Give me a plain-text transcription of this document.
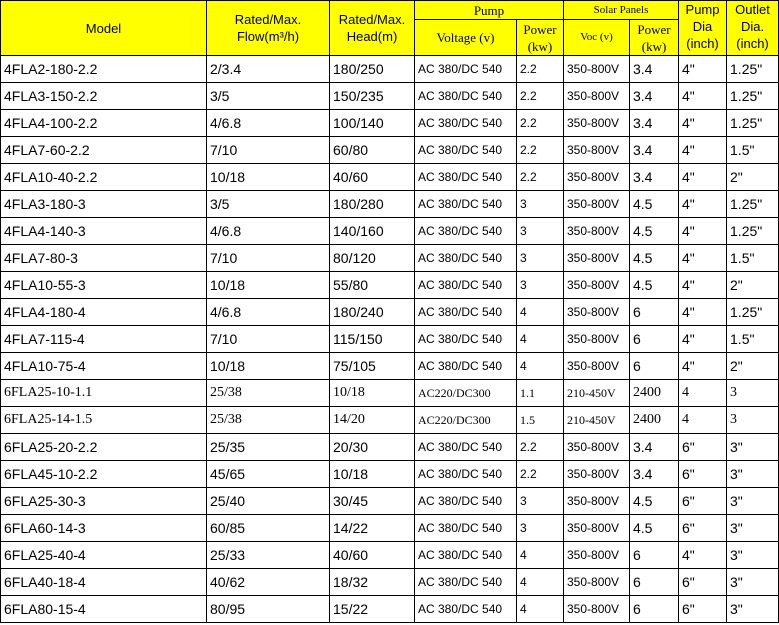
Model	Rated/Max. Flow(m³/h)	Rated/Max. Head(m)	Pump		Solar Panels		Pump Dia (inch)	Outlet Dia. (inch)
			Voltage (v)	Power (kw)	Voc (v)	Power (kw)		
4FLA2-180-2.2	2/3.4	180/250	AC 380/DC 540	2.2	350-800V	3.4	4"	1.25"
4FLA3-150-2.2	3/5	150/235	AC 380/DC 540	2.2	350-800V	3.4	4"	1.25"
4FLA4-100-2.2	4/6.8	100/140	AC 380/DC 540	2.2	350-800V	3.4	4"	1.25"
4FLA7-60-2.2	7/10	60/80	AC 380/DC 540	2.2	350-800V	3.4	4"	1.5"
4FLA10-40-2.2	10/18	40/60	AC 380/DC 540	2.2	350-800V	3.4	4"	2"
4FLA3-180-3	3/5	180/280	AC 380/DC 540	3	350-800V	4.5	4"	1.25"
4FLA4-140-3	4/6.8	140/160	AC 380/DC 540	3	350-800V	4.5	4"	1.25"
4FLA7-80-3	7/10	80/120	AC 380/DC 540	3	350-800V	4.5	4"	1.5"
4FLA10-55-3	10/18	55/80	AC 380/DC 540	3	350-800V	4.5	4"	2"
4FLA4-180-4	4/6.8	180/240	AC 380/DC 540	4	350-800V	6	4"	1.25"
4FLA7-115-4	7/10	115/150	AC 380/DC 540	4	350-800V	6	4"	1.5"
4FLA10-75-4	10/18	75/105	AC 380/DC 540	4	350-800V	6	4"	2"
6FLA25-10-1.1	25/38	10/18	AC220/DC300	1.1	210-450V	2400	4	3
6FLA25-14-1.5	25/38	14/20	AC220/DC300	1.5	210-450V	2400	4	3
6FLA25-20-2.2	25/35	20/30	AC 380/DC 540	2.2	350-800V	3.4	6"	3"
6FLA45-10-2.2	45/65	10/18	AC 380/DC 540	2.2	350-800V	3.4	6"	3"
6FLA25-30-3	25/40	30/45	AC 380/DC 540	3	350-800V	4.5	6"	3"
6FLA60-14-3	60/85	14/22	AC 380/DC 540	3	350-800V	4.5	6"	3"
6FLA25-40-4	25/33	40/60	AC 380/DC 540	4	350-800V	6	4"	3"
6FLA40-18-4	40/62	18/32	AC 380/DC 540	4	350-800V	6	6"	3"
6FLA80-15-4	80/95	15/22	AC 380/DC 540	4	350-800V	6	6"	3"
